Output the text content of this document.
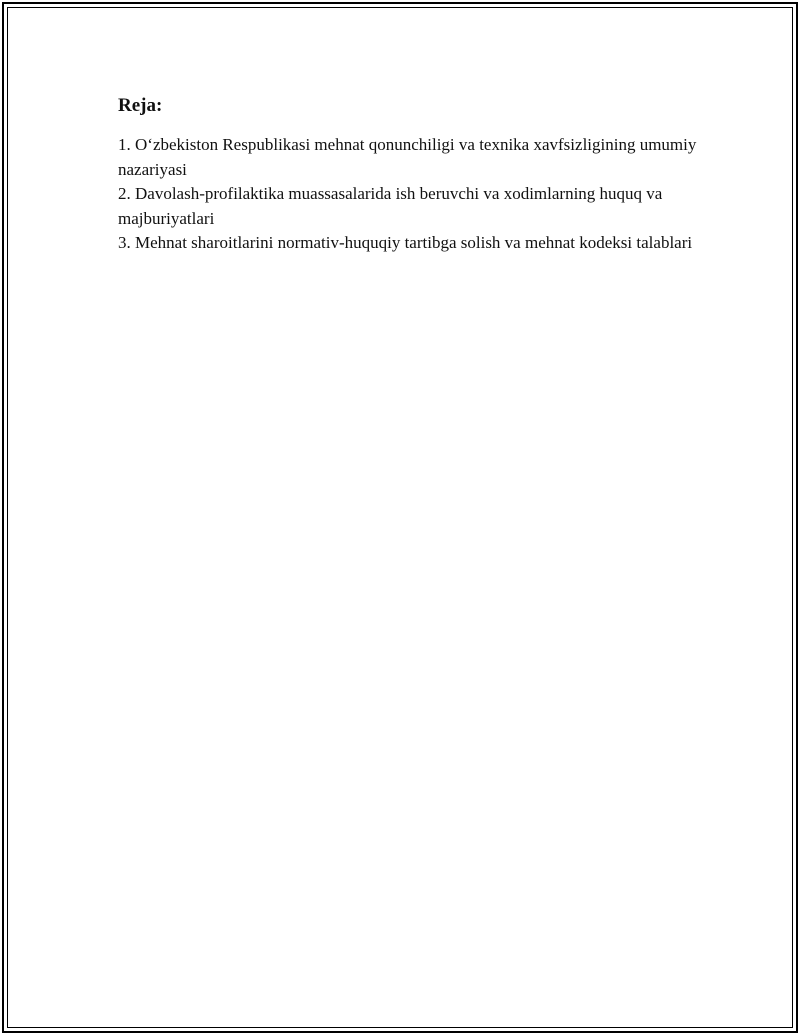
Reja:
1. O‘zbekiston Respublikasi mehnat qonunchiligi va texnika xavfsizligining umumiy nazariyasi
2. Davolash-profilaktika muassasalarida ish beruvchi va xodimlarning huquq va majburiyatlari
3. Mehnat sharoitlarini normativ-huquqiy tartibga solish va mehnat kodeksi talablari
